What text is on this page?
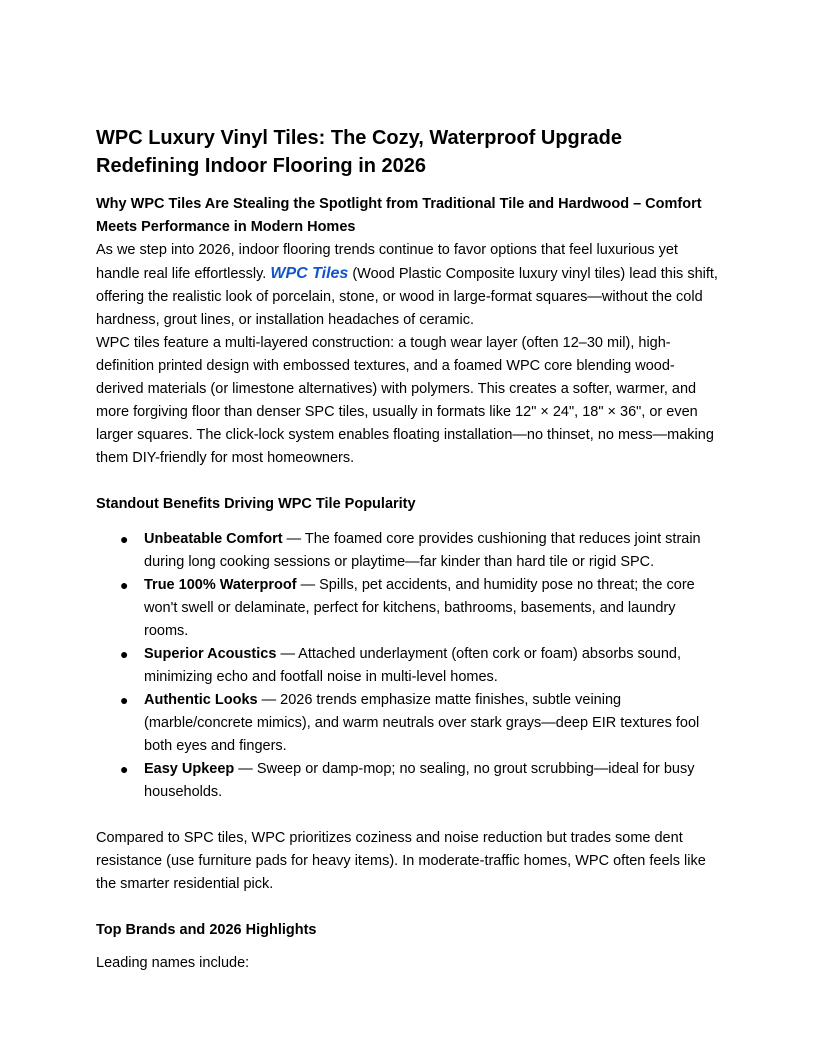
WPC Luxury Vinyl Tiles: The Cozy, Waterproof Upgrade Redefining Indoor Flooring in 2026
Why WPC Tiles Are Stealing the Spotlight from Traditional Tile and Hardwood – Comfort Meets Performance in Modern Homes

As we step into 2026, indoor flooring trends continue to favor options that feel luxurious yet handle real life effortlessly. WPC Tiles (Wood Plastic Composite luxury vinyl tiles) lead this shift, offering the realistic look of porcelain, stone, or wood in large-format squares—without the cold hardness, grout lines, or installation headaches of ceramic.

WPC tiles feature a multi-layered construction: a tough wear layer (often 12–30 mil), high-definition printed design with embossed textures, and a foamed WPC core blending wood-derived materials (or limestone alternatives) with polymers. This creates a softer, warmer, and more forgiving floor than denser SPC tiles, usually in formats like 12" × 24", 18" × 36", or even larger squares. The click-lock system enables floating installation—no thinset, no mess—making them DIY-friendly for most homeowners.

Standout Benefits Driving WPC Tile Popularity
● Unbeatable Comfort — The foamed core provides cushioning that reduces joint strain during long cooking sessions or playtime—far kinder than hard tile or rigid SPC.
● True 100% Waterproof — Spills, pet accidents, and humidity pose no threat; the core won't swell or delaminate, perfect for kitchens, bathrooms, basements, and laundry rooms.
● Superior Acoustics — Attached underlayment (often cork or foam) absorbs sound, minimizing echo and footfall noise in multi-level homes.
● Authentic Looks — 2026 trends emphasize matte finishes, subtle veining (marble/concrete mimics), and warm neutrals over stark grays—deep EIR textures fool both eyes and fingers.
● Easy Upkeep — Sweep or damp-mop; no sealing, no grout scrubbing—ideal for busy households.

Compared to SPC tiles, WPC prioritizes coziness and noise reduction but trades some dent resistance (use furniture pads for heavy items). In moderate-traffic homes, WPC often feels like the smarter residential pick.

Top Brands and 2026 Highlights

Leading names include:
